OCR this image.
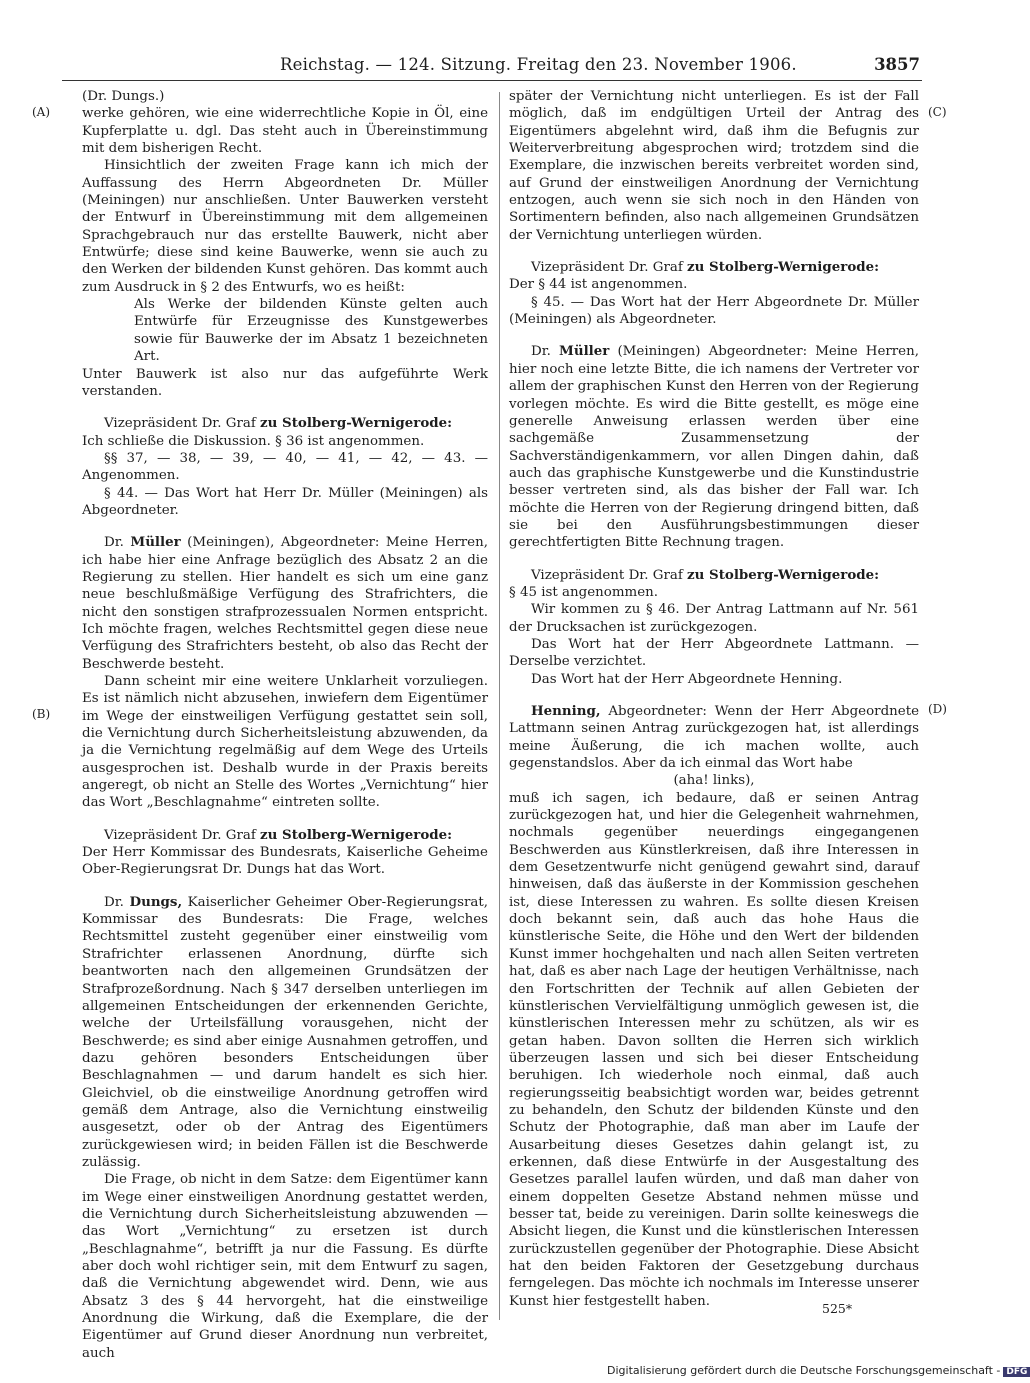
Reichstag. — 124. Sitzung. Freitag den 23. November 1906.	3857
(A)
(B)
(C)
(D)

(Dr. Dungs.)

werke gehören, wie eine widerrechtliche Kopie in Öl, eine Kupferplatte u. dgl. Das steht auch in Übereinstimmung mit dem bisherigen Recht.

Hinsichtlich der zweiten Frage kann ich mich der Auffassung des Herrn Abgeordneten Dr. Müller (Meiningen) nur anschließen. Unter Bauwerken versteht der Entwurf in Übereinstimmung mit dem allgemeinen Sprachgebrauch nur das erstellte Bauwerk, nicht aber Entwürfe; diese sind keine Bauwerke, wenn sie auch zu den Werken der bildenden Kunst gehören. Das kommt auch zum Ausdruck in § 2 des Entwurfs, wo es heißt:

Als Werke der bildenden Künste gelten auch Entwürfe für Erzeugnisse des Kunstgewerbes sowie für Bauwerke der im Absatz 1 bezeichneten Art.

Unter Bauwerk ist also nur das aufgeführte Werk verstanden.

Vizepräsident Dr. Graf zu Stolberg-Wernigerode:

Ich schließe die Diskussion. § 36 ist angenommen.

§§ 37, — 38, — 39, — 40, — 41, — 42, — 43. — Angenommen.

§ 44. — Das Wort hat Herr Dr. Müller (Meiningen) als Abgeordneter.

Dr. Müller (Meiningen), Abgeordneter: Meine Herren, ich habe hier eine Anfrage bezüglich des Absatz 2 an die Regierung zu stellen. Hier handelt es sich um eine ganz neue beschlußmäßige Verfügung des Strafrichters, die nicht den sonstigen strafprozessualen Normen entspricht. Ich möchte fragen, welches Rechtsmittel gegen diese neue Verfügung des Strafrichters besteht, ob also das Recht der Beschwerde besteht.

Dann scheint mir eine weitere Unklarheit vorzuliegen. Es ist nämlich nicht abzusehen, inwiefern dem Eigentümer im Wege der einstweiligen Verfügung gestattet sein soll, die Vernichtung durch Sicherheitsleistung abzuwenden, da ja die Vernichtung regelmäßig auf dem Wege des Urteils ausgesprochen ist. Deshalb wurde in der Praxis bereits angeregt, ob nicht an Stelle des Wortes „Vernichtung“ hier das Wort „Beschlagnahme“ eintreten sollte.

Vizepräsident Dr. Graf zu Stolberg-Wernigerode:

Der Herr Kommissar des Bundesrats, Kaiserliche Geheime Ober-Regierungsrat Dr. Dungs hat das Wort.

Dr. Dungs, Kaiserlicher Geheimer Ober-Regierungsrat, Kommissar des Bundesrats: Die Frage, welches Rechtsmittel zusteht gegenüber einer einstweilig vom Strafrichter erlassenen Anordnung, dürfte sich beantworten nach den allgemeinen Grundsätzen der Strafprozeßordnung. Nach § 347 derselben unterliegen im allgemeinen Entscheidungen der erkennenden Gerichte, welche der Urteilsfällung vorausgehen, nicht der Beschwerde; es sind aber einige Ausnahmen getroffen, und dazu gehören besonders Entscheidungen über Beschlagnahmen — und darum handelt es sich hier. Gleichviel, ob die einstweilige Anordnung getroffen wird gemäß dem Antrage, also die Vernichtung einstweilig ausgesetzt, oder ob der Antrag des Eigentümers zurückgewiesen wird; in beiden Fällen ist die Beschwerde zulässig.

Die Frage, ob nicht in dem Satze: dem Eigentümer kann im Wege einer einstweiligen Anordnung gestattet werden, die Vernichtung durch Sicherheitsleistung abzuwenden — das Wort „Vernichtung“ zu ersetzen ist durch „Beschlagnahme“, betrifft ja nur die Fassung. Es dürfte aber doch wohl richtiger sein, mit dem Entwurf zu sagen, daß die Vernichtung abgewendet wird. Denn, wie aus Absatz 3 des § 44 hervorgeht, hat die einstweilige Anordnung die Wirkung, daß die Exemplare, die der Eigentümer auf Grund dieser Anordnung nun verbreitet, auch

später der Vernichtung nicht unterliegen. Es ist der Fall möglich, daß im endgültigen Urteil der Antrag des Eigentümers abgelehnt wird, daß ihm die Befugnis zur Weiterverbreitung abgesprochen wird; trotzdem sind die Exemplare, die inzwischen bereits verbreitet worden sind, auf Grund der einstweiligen Anordnung der Vernichtung entzogen, auch wenn sie sich noch in den Händen von Sortimentern befinden, also nach allgemeinen Grundsätzen der Vernichtung unterliegen würden.

Vizepräsident Dr. Graf zu Stolberg-Wernigerode:

Der § 44 ist angenommen.

§ 45. — Das Wort hat der Herr Abgeordnete Dr. Müller (Meiningen) als Abgeordneter.

Dr. Müller (Meiningen) Abgeordneter: Meine Herren, hier noch eine letzte Bitte, die ich namens der Vertreter vor allem der graphischen Kunst den Herren von der Regierung vorlegen möchte. Es wird die Bitte gestellt, es möge eine generelle Anweisung erlassen werden über eine sachgemäße Zusammensetzung der Sachverständigenkammern, vor allen Dingen dahin, daß auch das graphische Kunstgewerbe und die Kunstindustrie besser vertreten sind, als das bisher der Fall war. Ich möchte die Herren von der Regierung dringend bitten, daß sie bei den Ausführungsbestimmungen dieser gerechtfertigten Bitte Rechnung tragen.

Vizepräsident Dr. Graf zu Stolberg-Wernigerode:

§ 45 ist angenommen.

Wir kommen zu § 46. Der Antrag Lattmann auf Nr. 561 der Drucksachen ist zurückgezogen.

Das Wort hat der Herr Abgeordnete Lattmann. — Derselbe verzichtet.

Das Wort hat der Herr Abgeordnete Henning.

Henning, Abgeordneter: Wenn der Herr Abgeordnete Lattmann seinen Antrag zurückgezogen hat, ist allerdings meine Äußerung, die ich machen wollte, auch gegenstandslos. Aber da ich einmal das Wort habe

(aha! links),

muß ich sagen, ich bedaure, daß er seinen Antrag zurückgezogen hat, und hier die Gelegenheit wahrnehmen, nochmals gegenüber neuerdings eingegangenen Beschwerden aus Künstlerkreisen, daß ihre Interessen in dem Gesetzentwurfe nicht genügend gewahrt sind, darauf hinweisen, daß das äußerste in der Kommission geschehen ist, diese Interessen zu wahren. Es sollte diesen Kreisen doch bekannt sein, daß auch das hohe Haus die künstlerische Seite, die Höhe und den Wert der bildenden Kunst immer hochgehalten und nach allen Seiten vertreten hat, daß es aber nach Lage der heutigen Verhältnisse, nach den Fortschritten der Technik auf allen Gebieten der künstlerischen Vervielfältigung unmöglich gewesen ist, die künstlerischen Interessen mehr zu schützen, als wir es getan haben. Davon sollten die Herren sich wirklich überzeugen lassen und sich bei dieser Entscheidung beruhigen. Ich wiederhole noch einmal, daß auch regierungsseitig beabsichtigt worden war, beides getrennt zu behandeln, den Schutz der bildenden Künste und den Schutz der Photographie, daß man aber im Laufe der Ausarbeitung dieses Gesetzes dahin gelangt ist, zu erkennen, daß diese Entwürfe in der Ausgestaltung des Gesetzes parallel laufen würden, und daß man daher von einem doppelten Gesetze Abstand nehmen müsse und besser tat, beide zu vereinigen. Darin sollte keineswegs die Absicht liegen, die Kunst und die künstlerischen Interessen zurückzustellen gegenüber der Photographie. Diese Absicht hat den beiden Faktoren der Gesetzgebung durchaus ferngelegen. Das möchte ich nochmals im Interesse unserer Kunst hier festgestellt haben.	525*
Digitalisierung gefördert durch die Deutsche Forschungsgemeinschaft - DFG
